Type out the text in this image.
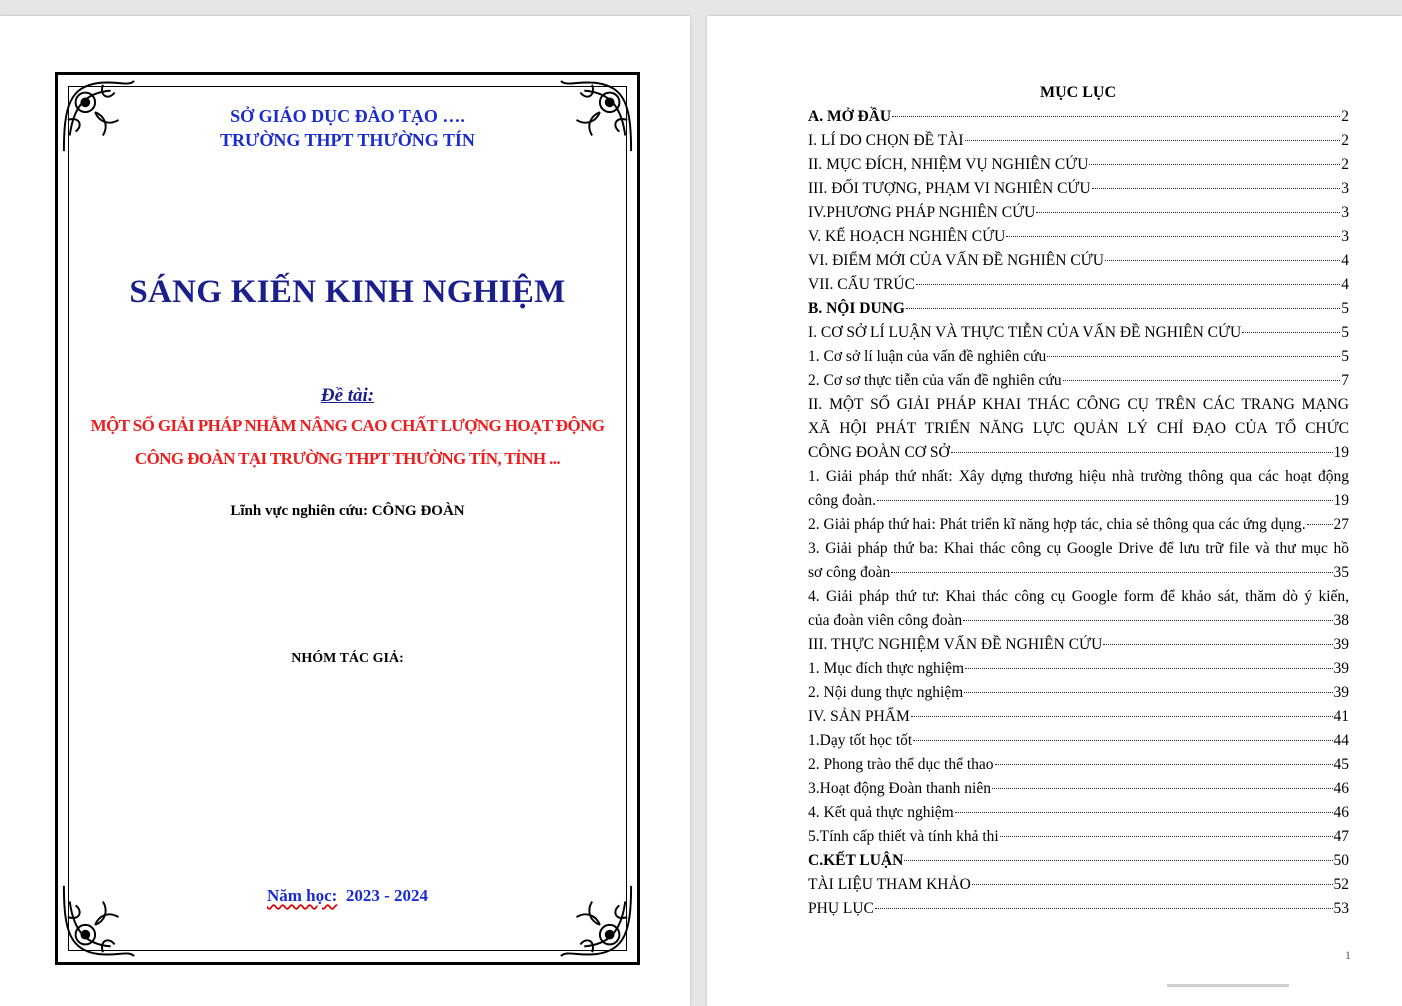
SỞ GIÁO DỤC ĐÀO TẠO ….
TRƯỜNG THPT THƯỜNG TÍN
SÁNG KIẾN KINH NGHIỆM
Đề tài:
MỘT SỐ GIẢI PHÁP NHẰM NÂNG CAO CHẤT LƯỢNG HOẠT ĐỘNG
CÔNG ĐOÀN TẠI TRƯỜNG THPT THƯỜNG TÍN, TỈNH ...
Lĩnh vực nghiên cứu: CÔNG ĐOÀN
NHÓM TÁC GIẢ:
Năm học: 2023 - 2024
MỤC LỤC
A. MỞ ĐẦU	2
I. LÍ DO CHỌN ĐỀ TÀI	2
II. MỤC ĐÍCH, NHIỆM VỤ NGHIÊN CỨU	2
III. ĐỐI TƯỢNG, PHẠM VI NGHIÊN CỨU	3
IV.PHƯƠNG PHÁP NGHIÊN CỨU	3
V. KẾ HOẠCH NGHIÊN CỨU	3
VI. ĐIỂM MỚI CỦA VẤN ĐỀ NGHIÊN CỨU	4
VII. CẤU TRÚC	4
B. NỘI DUNG	5
I. CƠ SỞ LÍ LUẬN VÀ THỰC TIỄN CỦA VẤN ĐỀ NGHIÊN CỨU	5
1. Cơ sở lí luận của vấn đề nghiên cứu	5
2. Cơ sơ thực tiễn của vấn đề nghiên cứu	7
II. MỘT SỐ GIẢI PHÁP KHAI THÁC CÔNG CỤ TRÊN CÁC TRANG MẠNG
XÃ HỘI PHÁT TRIỂN NĂNG LỰC QUẢN LÝ CHỈ ĐẠO CỦA TỔ CHỨC
CÔNG ĐOÀN CƠ SỞ	19
1. Giải pháp thứ nhất: Xây dựng thương hiệu nhà trường thông qua các hoạt động
công đoàn.	19
2. Giải pháp thứ hai: Phát triển kĩ năng hợp tác, chia sẻ thông qua các ứng dụng. 27
3. Giải pháp thứ ba: Khai thác công cụ Google Drive để lưu trữ file và thư mục hồ
sơ công đoàn	35
4. Giải pháp thứ tư: Khai thác công cụ Google form để khảo sát, thăm dò ý kiến,
của đoàn viên công đoàn	38
III. THỰC NGHIỆM VẤN ĐỀ NGHIÊN CỨU	39
1. Mục đích thực nghiệm	39
2. Nội dung thực nghiệm	39
IV. SẢN PHẨM	41
1.Dạy tốt học tốt	44
2. Phong trào thể dục thể thao	45
3.Hoạt động Đoàn thanh niên	46
4. Kết quả thực nghiệm	46
5.Tính cấp thiết và tính khả thi	47
C.KẾT LUẬN	50
TÀI LIỆU THAM KHẢO	52
PHỤ LỤC	53
1
